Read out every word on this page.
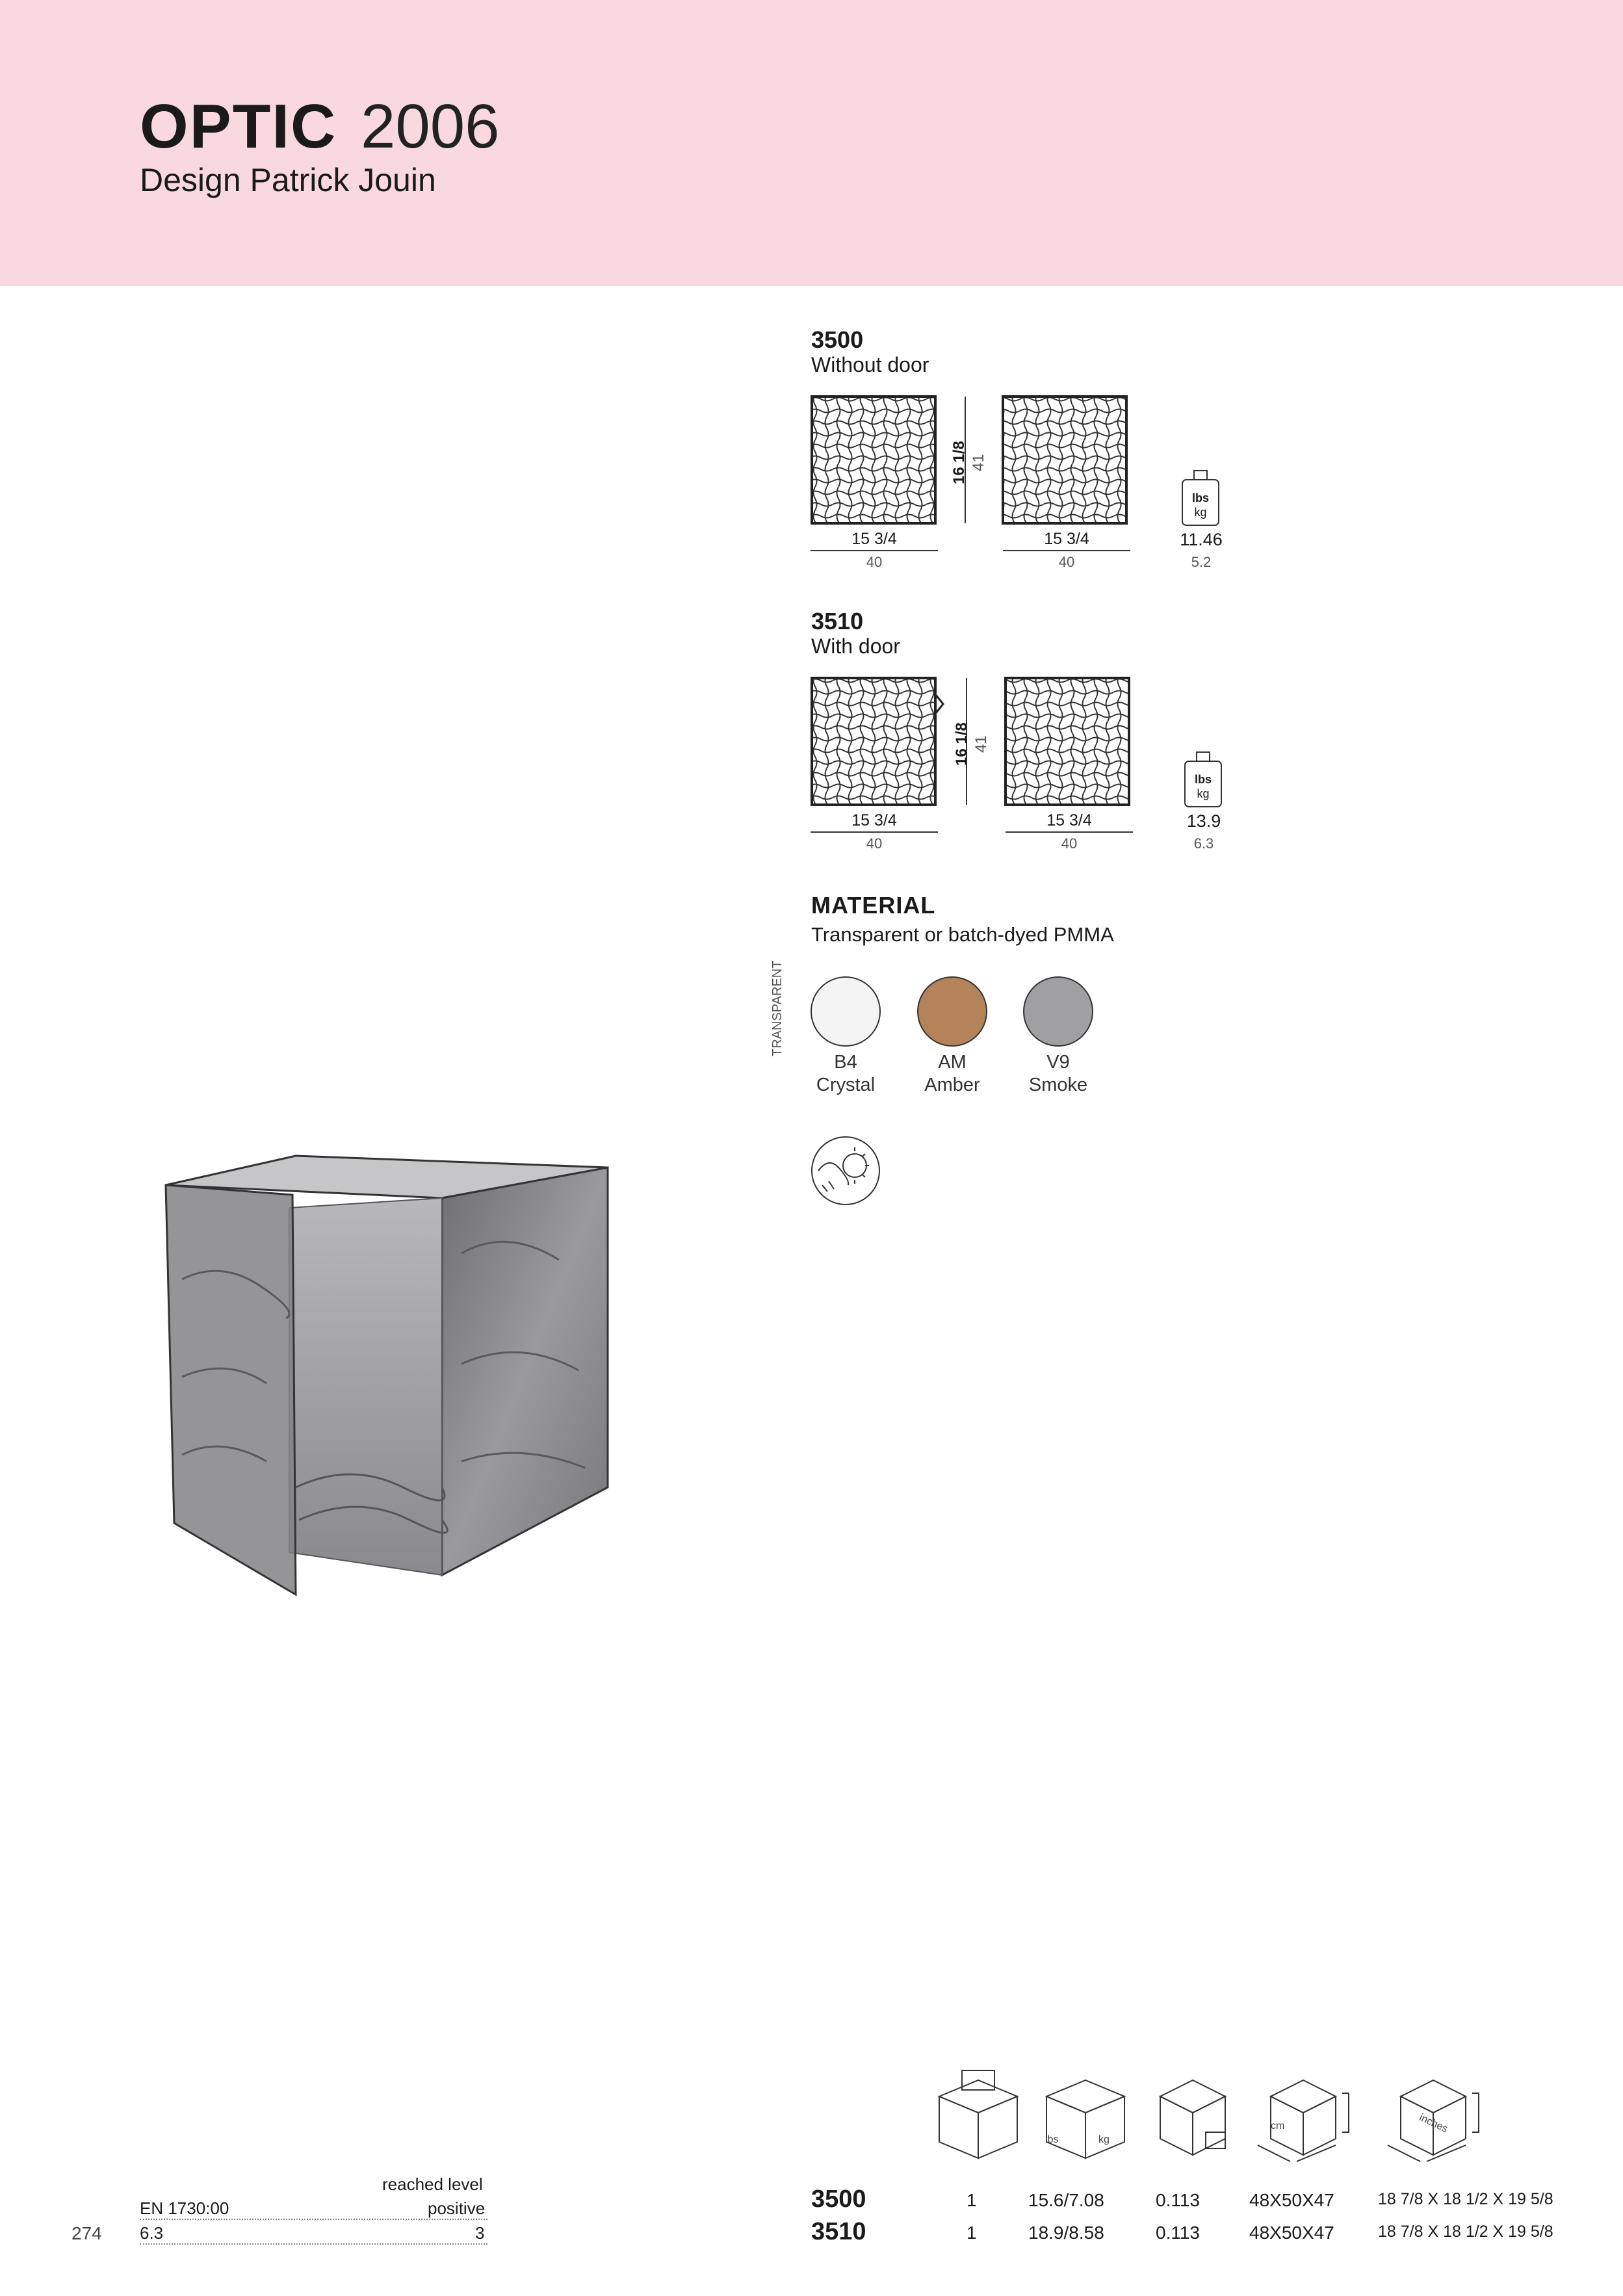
OPTIC 2006
Design Patrick Jouin
3500
Without door
16 1/8 41
15 3/4
40
15 3/4
40
lbs
kg
11.46
5.2
3510
With door
16 1/8 41
15 3/4
40
15 3/4
40
lbs
kg
13.9
6.3
MATERIAL
Transparent or batch-dyed PMMA
TRANSPARENT
B4
Crystal
AM
Amber
V9
Smoke
lbs	kg
cm	inches
3500	1	15.6/7.08	0.113	48X50X47	18 7/8 X 18 1/2 X 19 5/8
3510	1	18.9/8.58	0.113	48X50X47	18 7/8 X 18 1/2 X 19 5/8
reached level
EN 1730:00	positive
6.3	3
274
